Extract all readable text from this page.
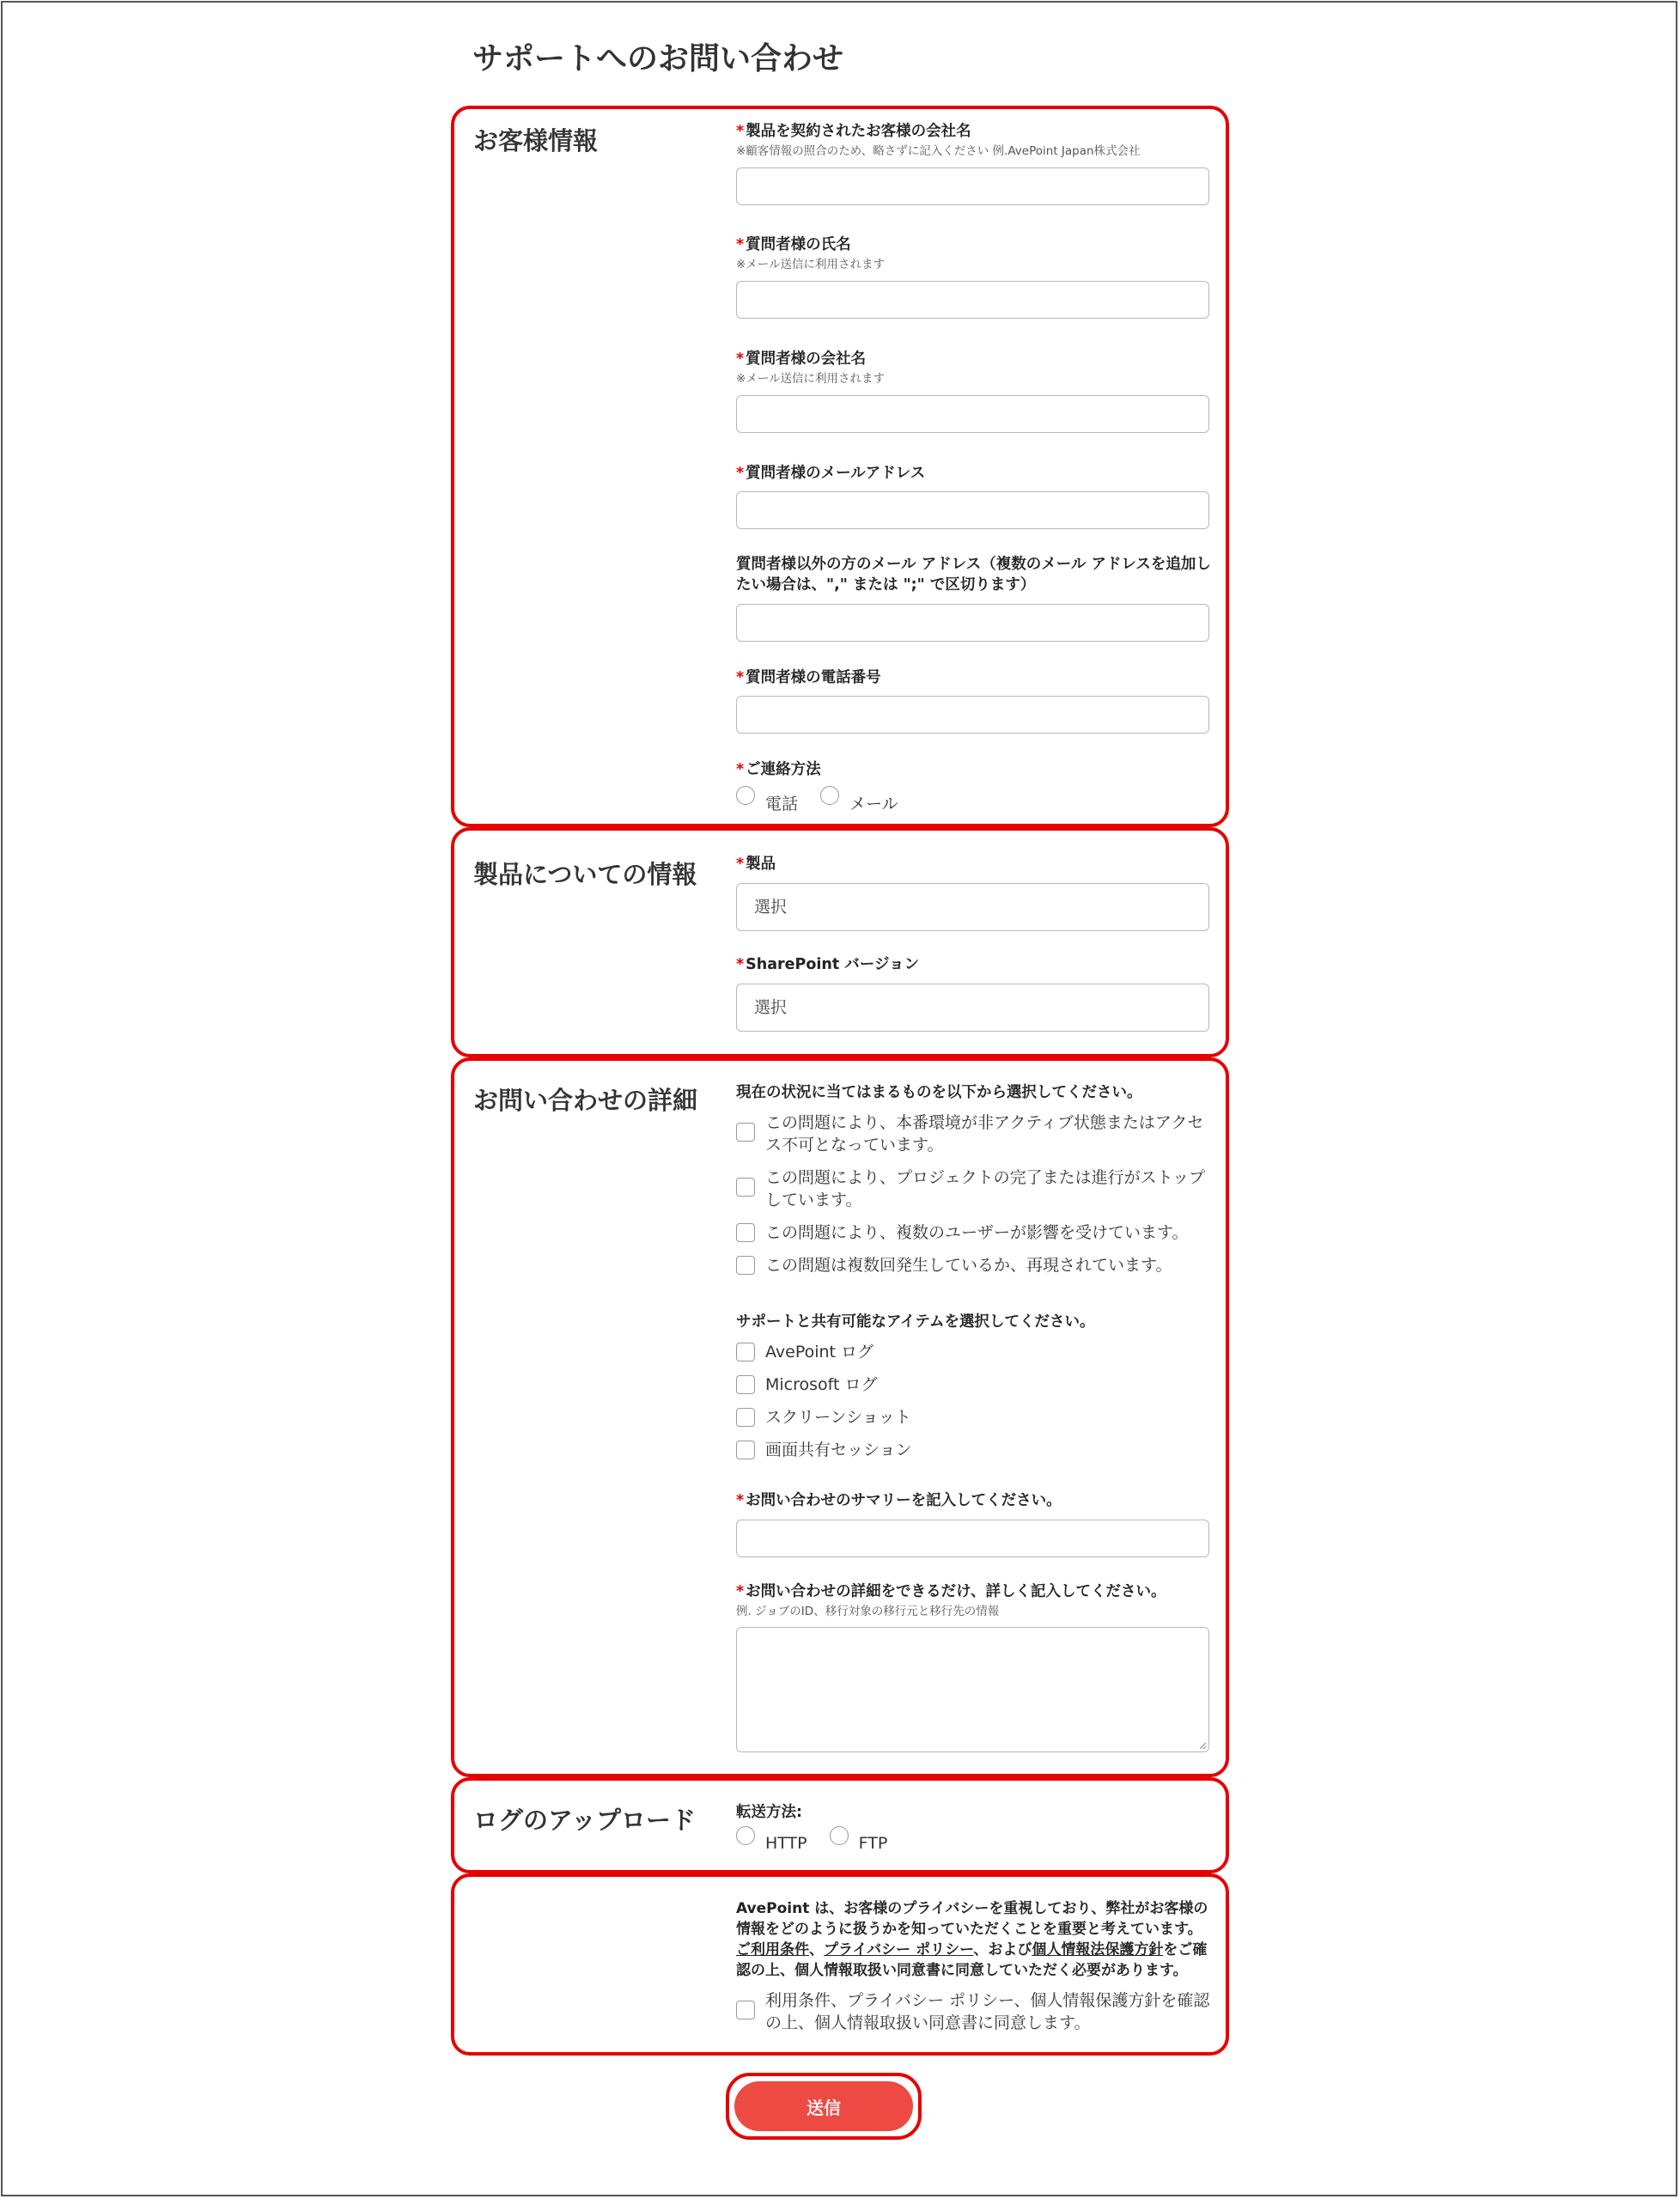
サポートへのお問い合わせ
お客様情報	* 製品を契約されたお客様の会社名
※顧客情報の照合のため、略さずに記入ください 例.AvePoint Japan株式会社
* 質問者様の氏名
※メール送信に利用されます
* 質問者様の会社名
※メール送信に利用されます
* 質問者様のメールアドレス
質問者様以外の方のメール アドレス（複数のメール アドレスを追加したい場合は、"," または ";" で区切ります）
* 質問者様の電話番号
* ご連絡方法
電話	メール
製品についての情報	* 製品
選択
* SharePoint バージョン
選択
お問い合わせの詳細	現在の状況に当てはまるものを以下から選択してください。
この問題により、本番環境が非アクティブ状態またはアクセス不可となっています。
この問題により、プロジェクトの完了または進行がストップしています。
この問題により、複数のユーザーが影響を受けています。
この問題は複数回発生しているか、再現されています。
サポートと共有可能なアイテムを選択してください。
AvePoint ログ
Microsoft ログ
スクリーンショット
画面共有セッション
* お問い合わせのサマリーを記入してください。
* お問い合わせの詳細をできるだけ、詳しく記入してください。
例. ジョブのID、移行対象の移行元と移行先の情報
ログのアップロード	転送方法:
HTTP	FTP
AvePoint は、お客様のプライバシーを重視しており、弊社がお客様の情報をどのように扱うかを知っていただくことを重要と考えています。ご利用条件、プライバシー ポリシー、および個人情報法保護方針をご確認の上、個人情報取扱い同意書に同意していただく必要があります。
利用条件、プライバシー ポリシー、個人情報保護方針を確認の上、個人情報取扱い同意書に同意します。
送信
